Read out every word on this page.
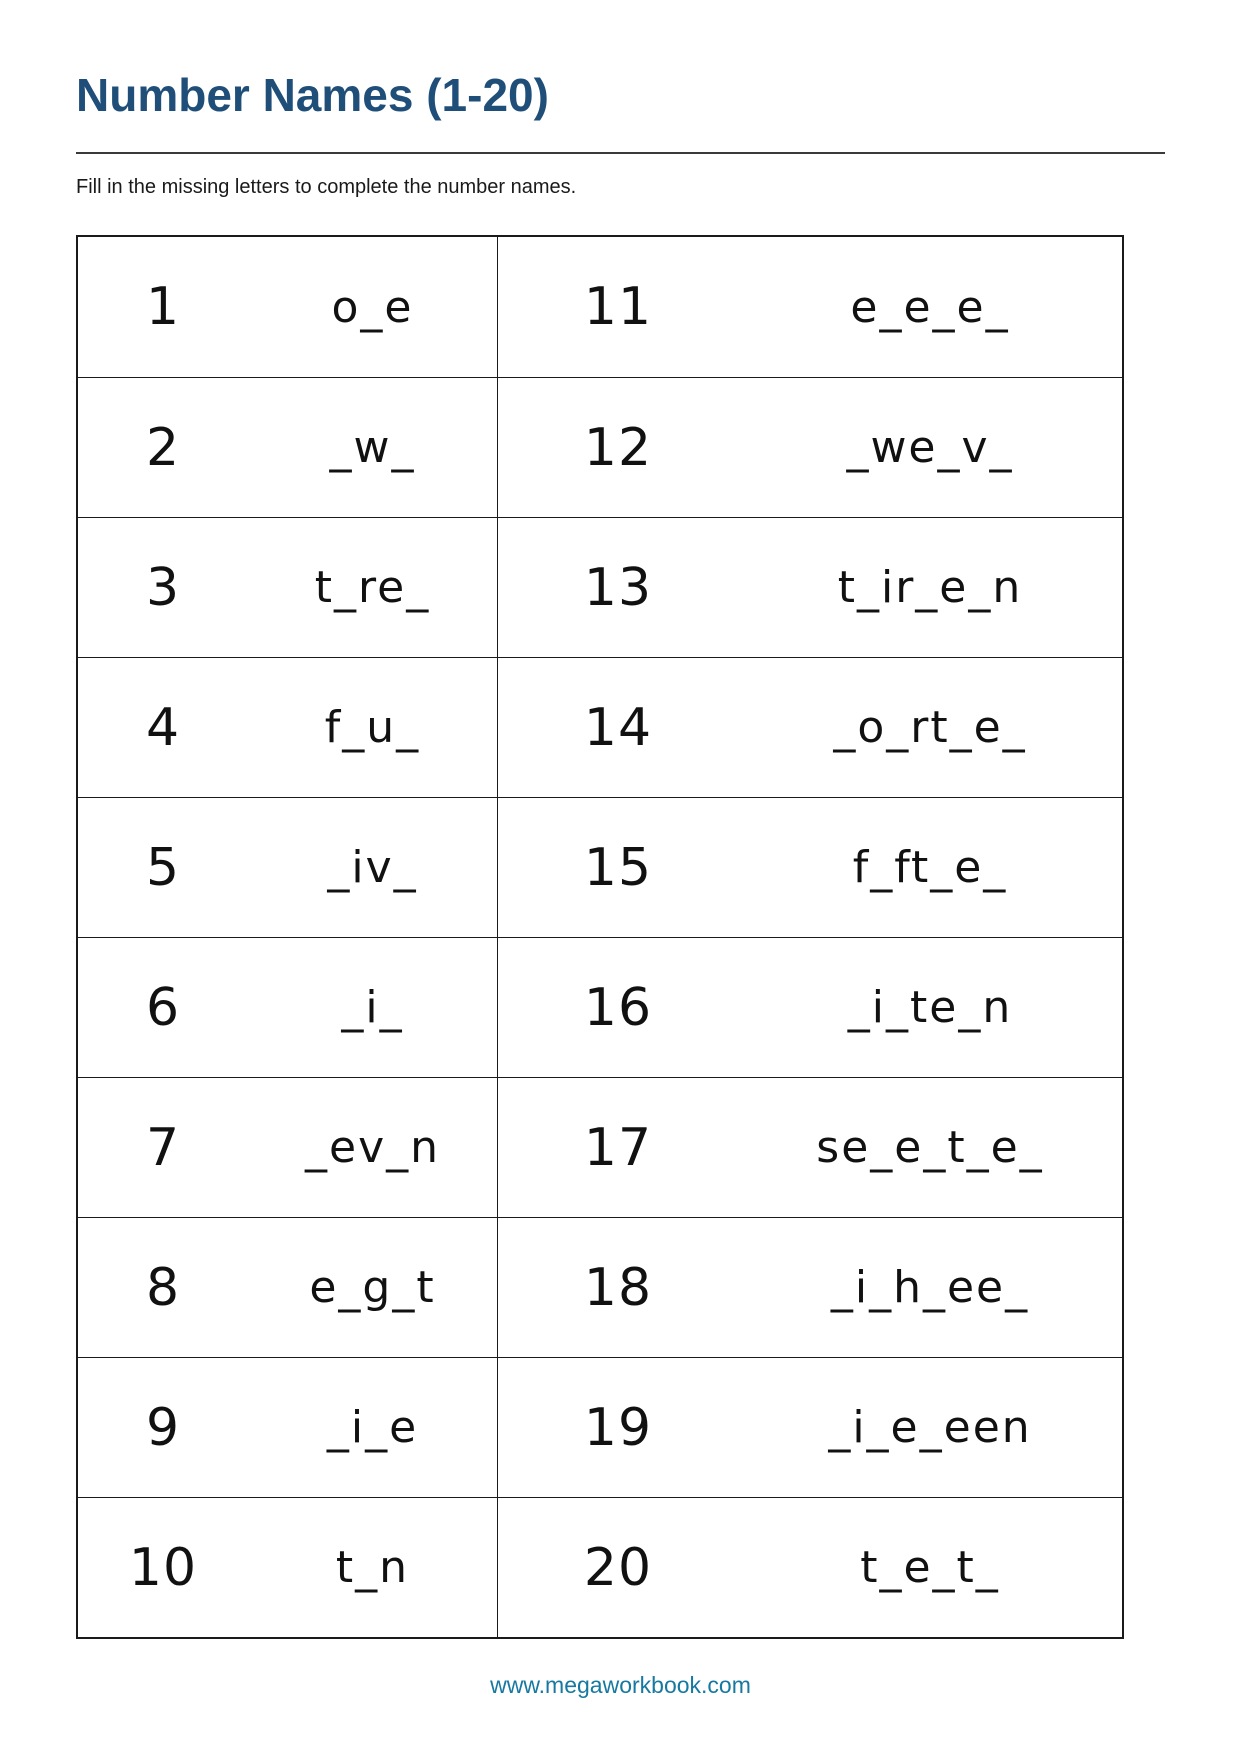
Number Names (1-20)

Fill in the missing letters to complete the number names.

1	o_e	11	e_e_e_
2	_w_	12	_we_v_
3	t_re_	13	t_ir_e_n
4	f_u_	14	_o_rt_e_
5	_iv_	15	f_ft_e_
6	_i_	16	_i_te_n
7	_ev_n	17	se_e_t_e_
8	e_g_t	18	_i_h_ee_
9	_i_e	19	_i_e_een
10	t_n	20	t_e_t_
www.megaworkbook.com
